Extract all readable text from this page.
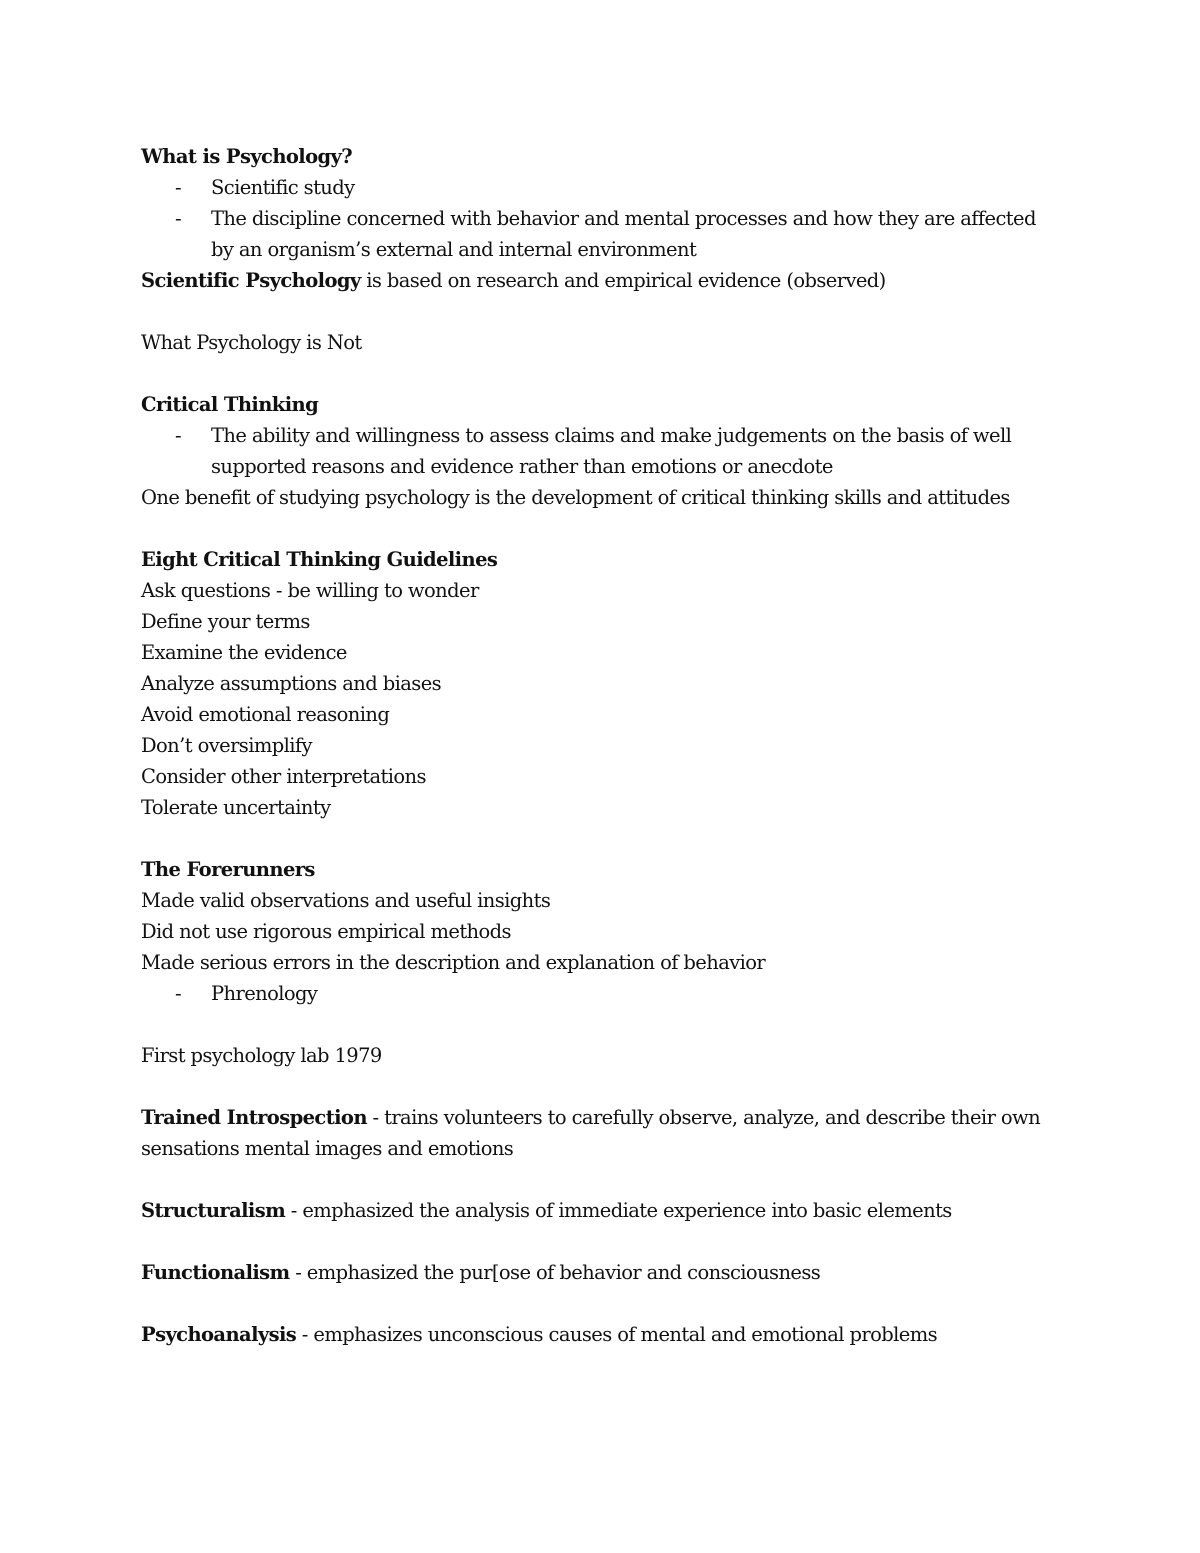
What is Psychology?

- Scientific study

- The discipline concerned with behavior and mental processes and how they are affected by an organism’s external and internal environment

Scientific Psychology is based on research and empirical evidence (observed)

What Psychology is Not

Critical Thinking

- The ability and willingness to assess claims and make judgements on the basis of well supported reasons and evidence rather than emotions or anecdote

One benefit of studying psychology is the development of critical thinking skills and attitudes

Eight Critical Thinking Guidelines

Ask questions - be willing to wonder

Define your terms

Examine the evidence

Analyze assumptions and biases

Avoid emotional reasoning

Don’t oversimplify

Consider other interpretations

Tolerate uncertainty

The Forerunners

Made valid observations and useful insights

Did not use rigorous empirical methods

Made serious errors in the description and explanation of behavior

- Phrenology

First psychology lab 1979

Trained Introspection - trains volunteers to carefully observe, analyze, and describe their own sensations mental images and emotions

Structuralism - emphasized the analysis of immediate experience into basic elements

Functionalism - emphasized the pur[ose of behavior and consciousness

Psychoanalysis - emphasizes unconscious causes of mental and emotional problems
